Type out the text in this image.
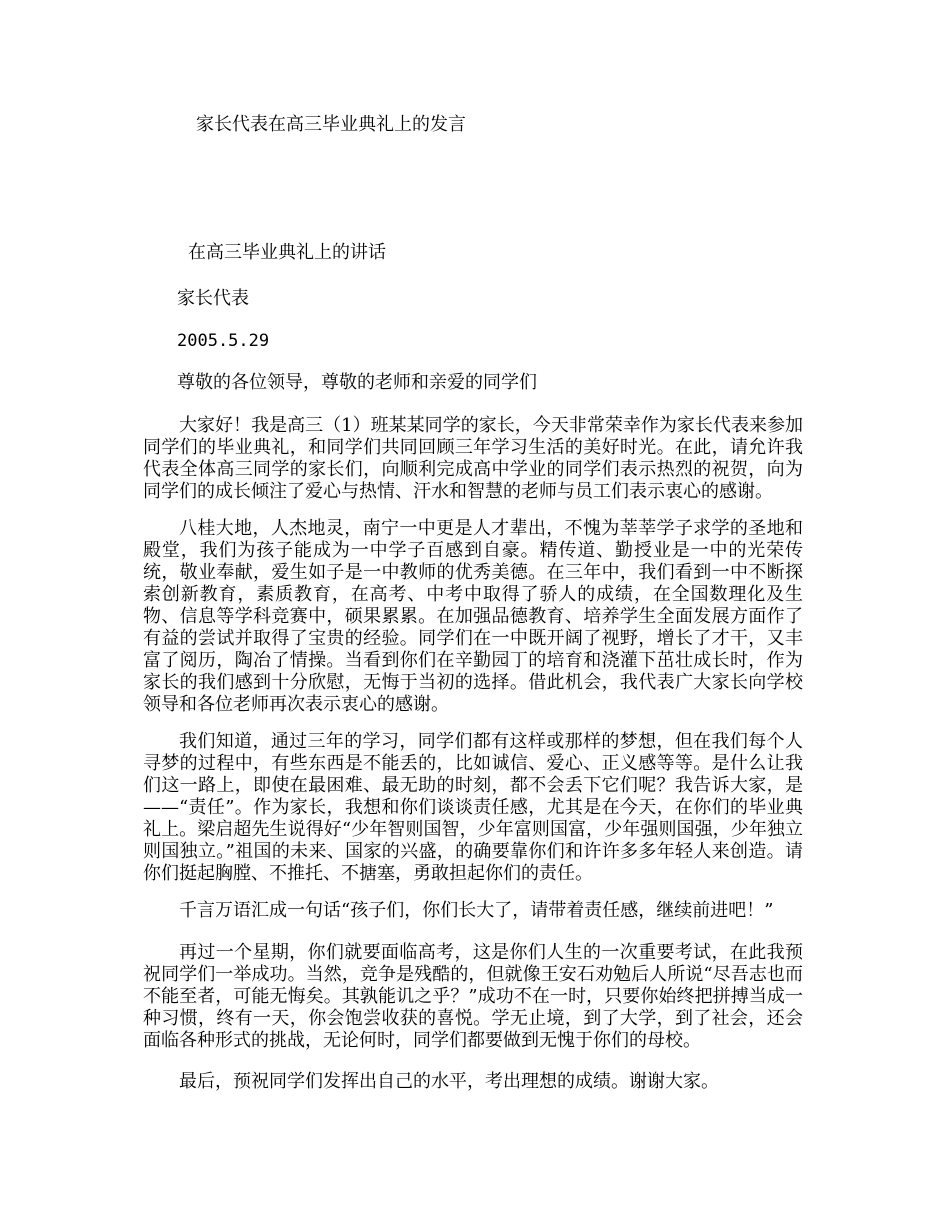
家长代表在高三毕业典礼上的发言

在高三毕业典礼上的讲话

家长代表

2005.5.29

尊敬的各位领导，尊敬的老师和亲爱的同学们

大家好！我是高三（1）班某某同学的家长，今天非常荣幸作为家长代表来参加同学们的毕业典礼，和同学们共同回顾三年学习生活的美好时光。在此，请允许我代表全体高三同学的家长们，向顺利完成高中学业的同学们表示热烈的祝贺，向为同学们的成长倾注了爱心与热情、汗水和智慧的老师与员工们表示衷心的感谢。

八桂大地，人杰地灵，南宁一中更是人才辈出，不愧为莘莘学子求学的圣地和殿堂，我们为孩子能成为一中学子百感到自豪。精传道、勤授业是一中的光荣传统，敬业奉献，爱生如子是一中教师的优秀美德。在三年中，我们看到一中不断探索创新教育，素质教育，在高考、中考中取得了骄人的成绩，在全国数理化及生物、信息等学科竞赛中，硕果累累。在加强品德教育、培养学生全面发展方面作了有益的尝试并取得了宝贵的经验。同学们在一中既开阔了视野，增长了才干，又丰富了阅历，陶冶了情操。当看到你们在辛勤园丁的培育和浇灌下茁壮成长时，作为家长的我们感到十分欣慰，无悔于当初的选择。借此机会，我代表广大家长向学校领导和各位老师再次表示衷心的感谢。

我们知道，通过三年的学习，同学们都有这样或那样的梦想，但在我们每个人寻梦的过程中，有些东西是不能丢的，比如诚信、爱心、正义感等等。是什么让我们这一路上，即使在最困难、最无助的时刻，都不会丢下它们呢？我告诉大家，是——“责任”。作为家长，我想和你们谈谈责任感，尤其是在今天，在你们的毕业典礼上。梁启超先生说得好“少年智则国智，少年富则国富，少年强则国强，少年独立则国独立。”祖国的未来、国家的兴盛，的确要靠你们和许许多多年轻人来创造。请你们挺起胸膛、不推托、不搪塞，勇敢担起你们的责任。

千言万语汇成一句话“孩子们，你们长大了，请带着责任感，继续前进吧！”

再过一个星期，你们就要面临高考，这是你们人生的一次重要考试，在此我预祝同学们一举成功。当然，竞争是残酷的，但就像王安石劝勉后人所说“尽吾志也而不能至者，可能无悔矣。其孰能讥之乎？”成功不在一时，只要你始终把拼搏当成一种习惯，终有一天，你会饱尝收获的喜悦。学无止境，到了大学，到了社会，还会面临各种形式的挑战，无论何时，同学们都要做到无愧于你们的母校。

最后，预祝同学们发挥出自己的水平，考出理想的成绩。谢谢大家。
